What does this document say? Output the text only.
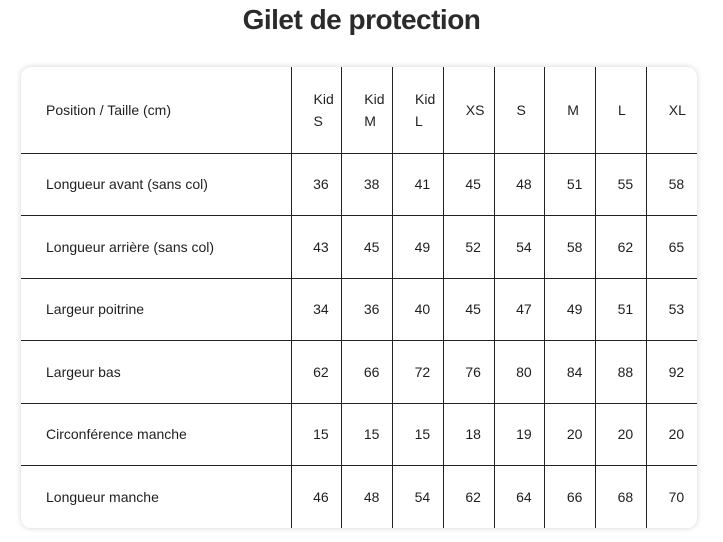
Gilet de protection
Position / Taille (cm)	Kid S	Kid M	Kid L	XS	S	M	L	XL
Longueur avant (sans col)	36	38	41	45	48	51	55	58
Longueur arrière (sans col)	43	45	49	52	54	58	62	65
Largeur poitrine	34	36	40	45	47	49	51	53
Largeur bas	62	66	72	76	80	84	88	92
Circonférence manche	15	15	15	18	19	20	20	20
Longueur manche	46	48	54	62	64	66	68	70
